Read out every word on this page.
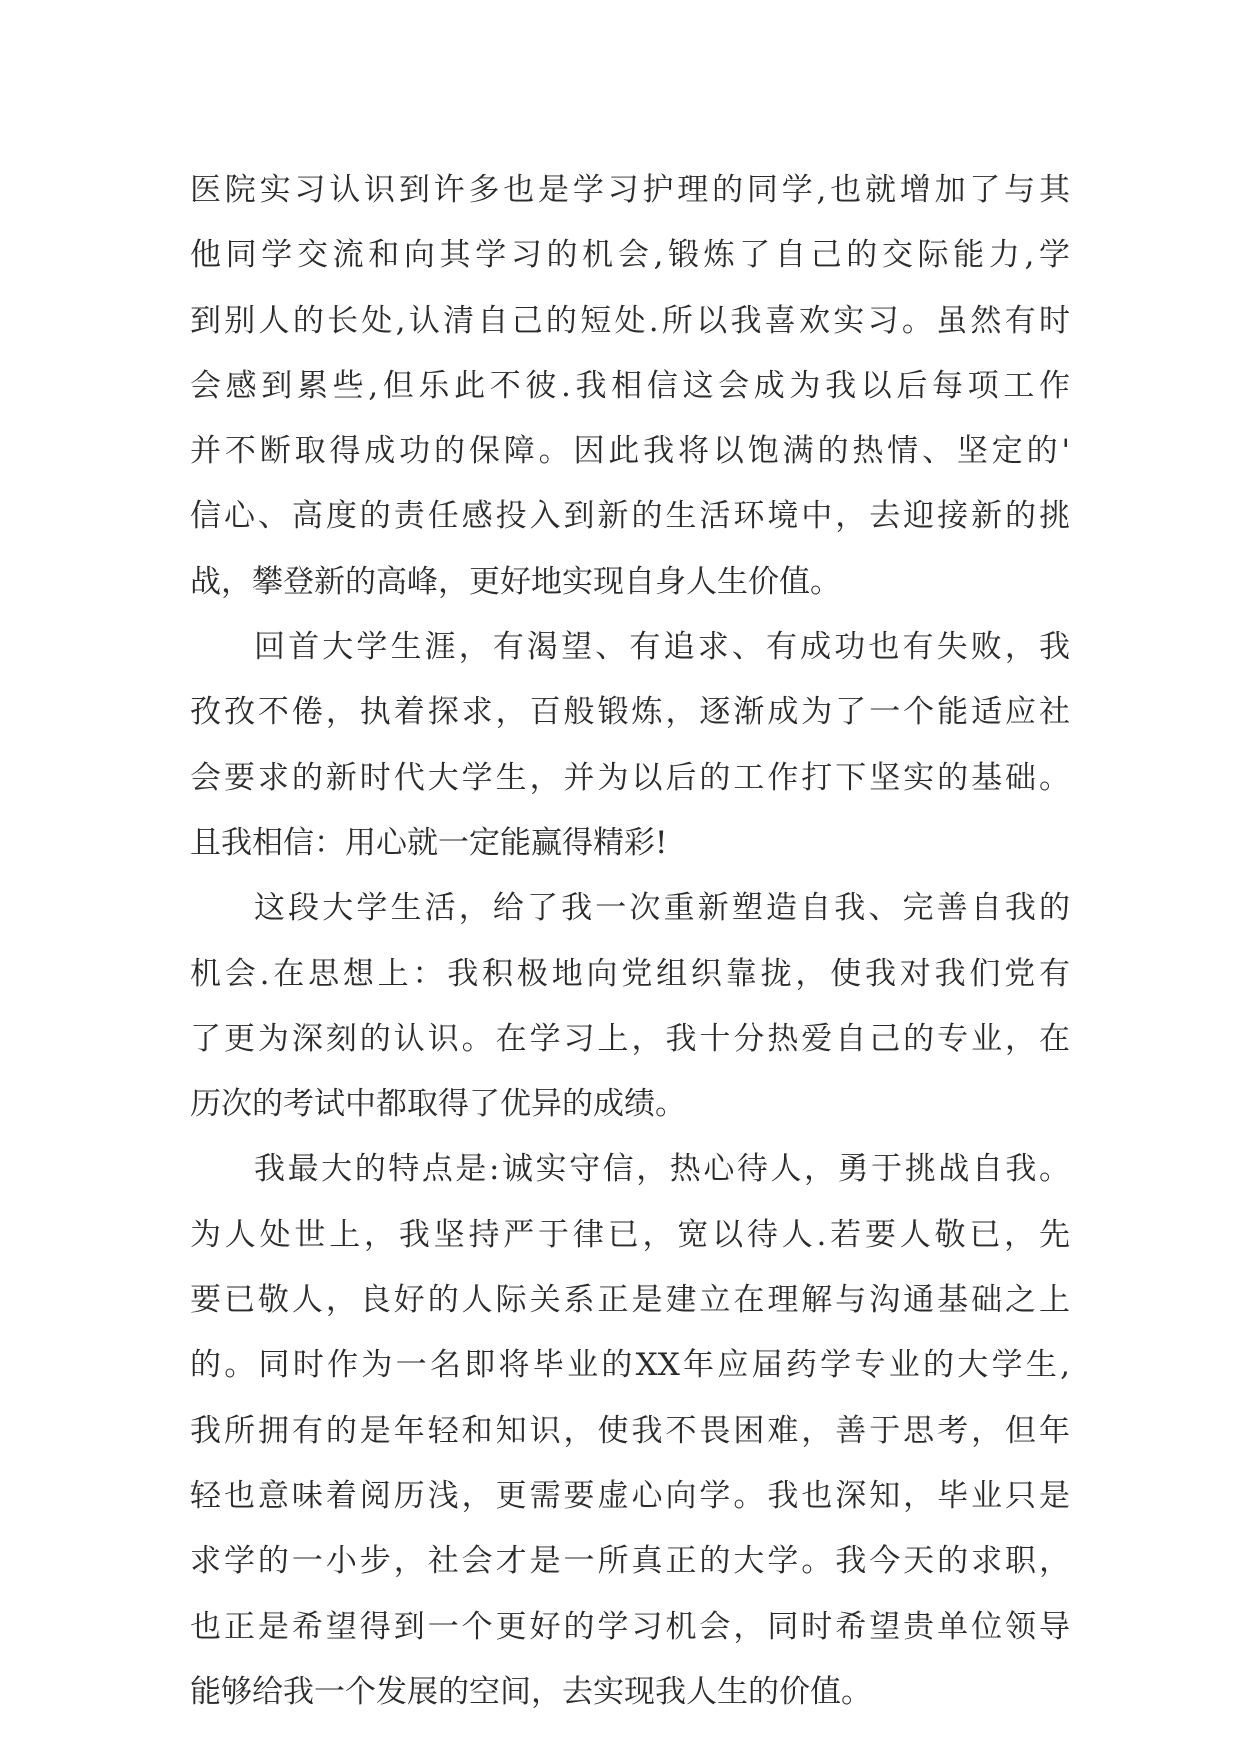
医院实习认识到许多也是学习护理的同学,也就增加了与其
他同学交流和向其学习的机会,锻炼了自己的交际能力,学
到别人的长处,认清自己的短处.所以我喜欢实习。虽然有时
会感到累些,但乐此不彼.我相信这会成为我以后每项工作
并不断取得成功的保障。因此我将以饱满的热情、坚定的'
信心、高度的责任感投入到新的生活环境中，去迎接新的挑
战，攀登新的高峰，更好地实现自身人生价值。
回首大学生涯，有渴望、有追求、有成功也有失败，我
孜孜不倦，执着探求，百般锻炼，逐渐成为了一个能适应社
会要求的新时代大学生，并为以后的工作打下坚实的基础。
且我相信：用心就一定能赢得精彩!
这段大学生活，给了我一次重新塑造自我、完善自我的
机会.在思想上：我积极地向党组织靠拢，使我对我们党有
了更为深刻的认识。在学习上，我十分热爱自己的专业，在
历次的考试中都取得了优异的成绩。
我最大的特点是:诚实守信，热心待人，勇于挑战自我。
为人处世上，我坚持严于律已，宽以待人.若要人敬已，先
要已敬人，良好的人际关系正是建立在理解与沟通基础之上
的。同时作为一名即将毕业的XX年应届药学专业的大学生,
我所拥有的是年轻和知识，使我不畏困难，善于思考，但年
轻也意味着阅历浅，更需要虚心向学。我也深知，毕业只是
求学的一小步，社会才是一所真正的大学。我今天的求职，
也正是希望得到一个更好的学习机会，同时希望贵单位领导
能够给我一个发展的空间，去实现我人生的价值。
